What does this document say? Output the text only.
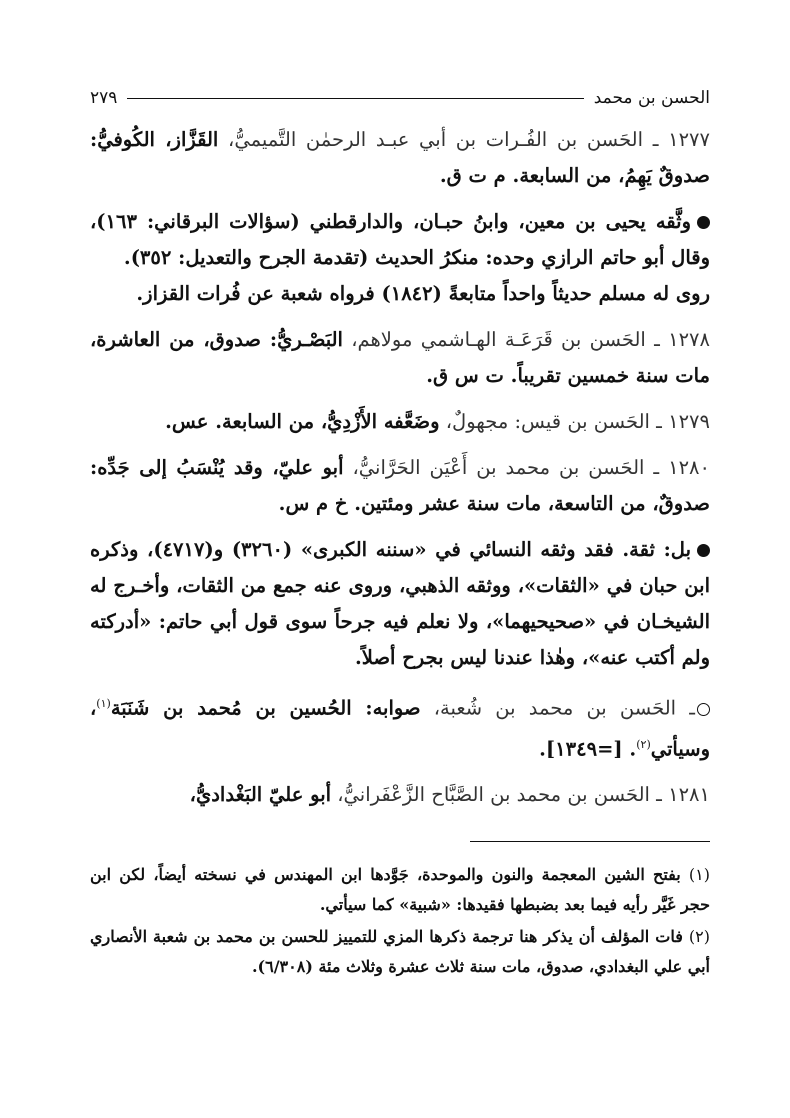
الحسن بن محمد
٢٧٩
١٢٧٧ ـ الحَسن بن الفُـرات بن أبي عبـد الرحمٰن التَّميميُّ، القَزَّاز، الكُوفيُّ: صدوقٌ يَهِمُ، من السابعة. م ت ق.
وثَّقه يحيى بن معين، وابنُ حبـان، والدارقطني (سؤالات البرقاني: ١٦٣)، وقال أبو حاتم الرازي وحده: منكرُ الحديث (تقدمة الجرح والتعديل: ٣٥٢).
روى له مسلم حديثاً واحداً متابعةً (١٨٤٢) فرواه شعبة عن فُرات القزاز.
١٢٧٨ ـ الحَسن بن قَرَعَـة الهـاشمي مولاهم، البَصْـريُّ: صدوق، من العاشرة، مات سنة خمسين تقريباً. ت س ق.
١٢٧٩ ـ الحَسن بن قيس: مجهولٌ، وضَعَّفه الأَزْدِيُّ، من السابعة. عس.
١٢٨٠ ـ الحَسن بن محمد بن أَعْيَن الحَرَّانيُّ، أبو عليّ، وقد يُنْسَبُ إلى جَدِّه: صدوقٌ، من التاسعة، مات سنة عشر ومئتين. خ م س.
بل: ثقة. فقد وثقه النسائي في «سننه الكبرى» (٣٢٦٠) و(٤٧١٧)، وذكره ابن حبان في «الثقات»، ووثقه الذهبي، وروى عنه جمع من الثقات، وأخـرج له الشيخـان في «صحيحيهما»، ولا نعلم فيه جرحاً سوى قول أبي حاتم: «أدركته ولم أكتب عنه»، وهٰذا عندنا ليس بجرح أصلاً.
ـ الحَسن بن محمد بن شُعبة، صوابه: الحُسين بن مُحمد بن شَنَبَة$^{(١)}$، وسيأتي$^{(٢)}$. [=١٣٤٩].
١٢٨١ ـ الحَسن بن محمد بن الصَّبَّاح الزَّعْفَرانيُّ، أبو عليّ البَغْداديُّ،
(١) بفتح الشين المعجمة والنون والموحدة، جَوَّدها ابن المهندس في نسخته أيضاً، لكن ابن حجر غَيَّر رأيه فيما بعد بضبطها فقيدها: «شبية» كما سيأتي.
(٢) فات المؤلف أن يذكر هنا ترجمة ذكرها المزي للتمييز للحسن بن محمد بن شعبة الأنصاري أبي علي البغدادي، صدوق، مات سنة ثلاث عشرة وثلاث مئة (٦/٣٠٨).
